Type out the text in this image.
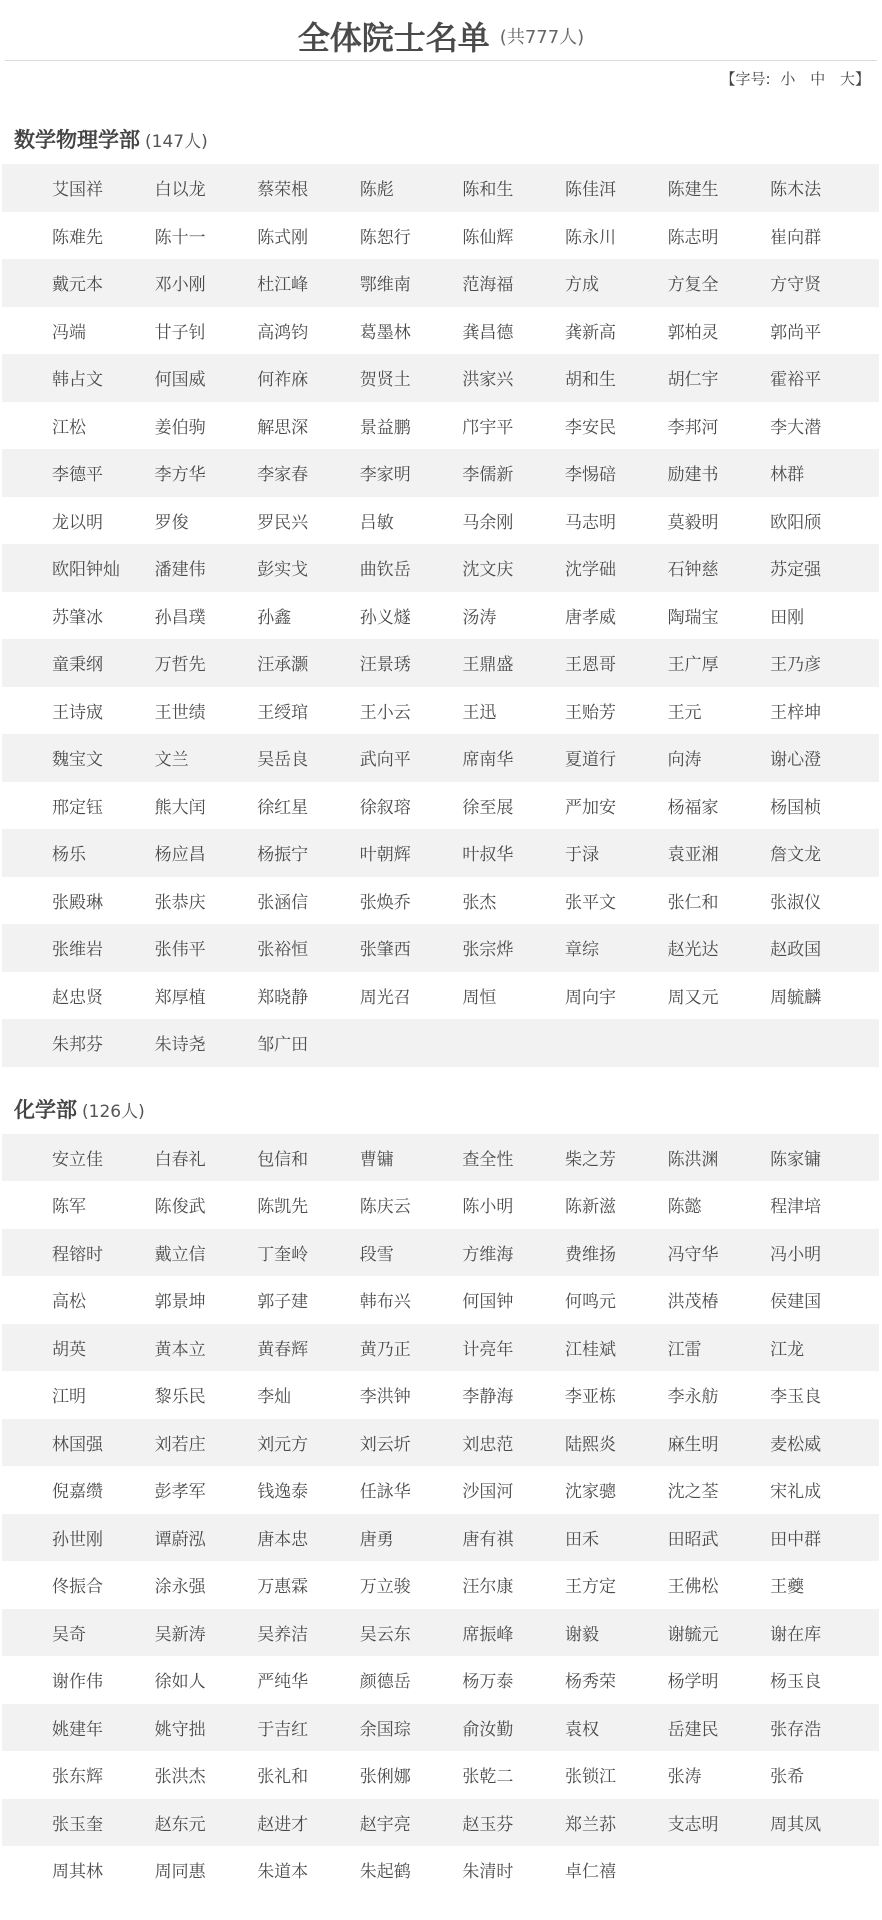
全体院士名单 (共777人)
【字号: 小 中 大】
数学物理学部 (147人)
艾国祥	白以龙	蔡荣根	陈彪	陈和生	陈佳洱	陈建生	陈木法
陈难先	陈十一	陈式刚	陈恕行	陈仙辉	陈永川	陈志明	崔向群
戴元本	邓小刚	杜江峰	鄂维南	范海福	方成	方复全	方守贤
冯端	甘子钊	高鸿钧	葛墨林	龚昌德	龚新高	郭柏灵	郭尚平
韩占文	何国威	何祚庥	贺贤土	洪家兴	胡和生	胡仁宇	霍裕平
江松	姜伯驹	解思深	景益鹏	邝宇平	李安民	李邦河	李大潜
李德平	李方华	李家春	李家明	李儒新	李惕碚	励建书	林群
龙以明	罗俊	罗民兴	吕敏	马余刚	马志明	莫毅明	欧阳颀
欧阳钟灿	潘建伟	彭实戈	曲钦岳	沈文庆	沈学础	石钟慈	苏定强
苏肇冰	孙昌璞	孙鑫	孙义燧	汤涛	唐孝威	陶瑞宝	田刚
童秉纲	万哲先	汪承灏	汪景琇	王鼎盛	王恩哥	王广厚	王乃彦
王诗宬	王世绩	王绶琯	王小云	王迅	王贻芳	王元	王梓坤
魏宝文	文兰	吴岳良	武向平	席南华	夏道行	向涛	谢心澄
邢定钰	熊大闰	徐红星	徐叙瑢	徐至展	严加安	杨福家	杨国桢
杨乐	杨应昌	杨振宁	叶朝辉	叶叔华	于渌	袁亚湘	詹文龙
张殿琳	张恭庆	张涵信	张焕乔	张杰	张平文	张仁和	张淑仪
张维岩	张伟平	张裕恒	张肇西	张宗烨	章综	赵光达	赵政国
赵忠贤	郑厚植	郑晓静	周光召	周恒	周向宇	周又元	周毓麟
朱邦芬	朱诗尧	邹广田
化学部 (126人)
安立佳	白春礼	包信和	曹镛	查全性	柴之芳	陈洪渊	陈家镛
陈军	陈俊武	陈凯先	陈庆云	陈小明	陈新滋	陈懿	程津培
程镕时	戴立信	丁奎岭	段雪	方维海	费维扬	冯守华	冯小明
高松	郭景坤	郭子建	韩布兴	何国钟	何鸣元	洪茂椿	侯建国
胡英	黄本立	黄春辉	黄乃正	计亮年	江桂斌	江雷	江龙
江明	黎乐民	李灿	李洪钟	李静海	李亚栋	李永舫	李玉良
林国强	刘若庄	刘元方	刘云圻	刘忠范	陆熙炎	麻生明	麦松威
倪嘉缵	彭孝军	钱逸泰	任詠华	沙国河	沈家骢	沈之荃	宋礼成
孙世刚	谭蔚泓	唐本忠	唐勇	唐有祺	田禾	田昭武	田中群
佟振合	涂永强	万惠霖	万立骏	汪尔康	王方定	王佛松	王夔
吴奇	吴新涛	吴养洁	吴云东	席振峰	谢毅	谢毓元	谢在库
谢作伟	徐如人	严纯华	颜德岳	杨万泰	杨秀荣	杨学明	杨玉良
姚建年	姚守拙	于吉红	余国琮	俞汝勤	袁权	岳建民	张存浩
张东辉	张洪杰	张礼和	张俐娜	张乾二	张锁江	张涛	张希
张玉奎	赵东元	赵进才	赵宇亮	赵玉芬	郑兰荪	支志明	周其凤
周其林	周同惠	朱道本	朱起鹤	朱清时	卓仁禧
